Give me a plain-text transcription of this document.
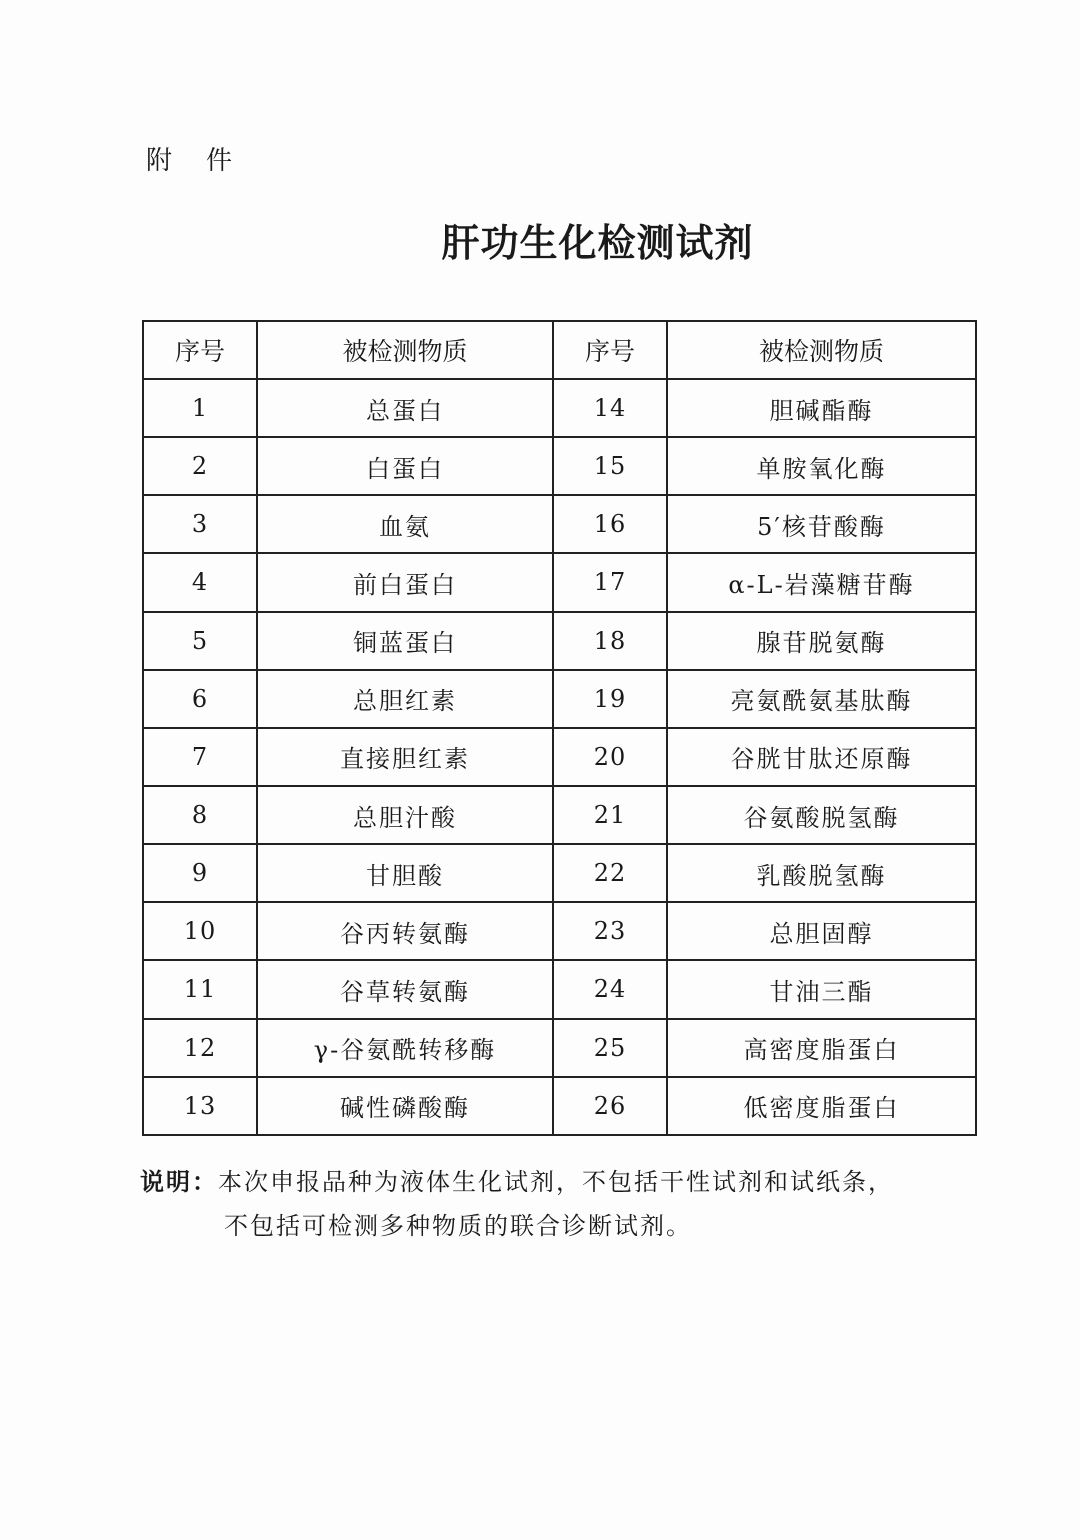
附 件
肝功生化检测试剂
序号	被检测物质	序号	被检测物质
1	总蛋白	14	胆碱酯酶
2	白蛋白	15	单胺氧化酶
3	血氨	16	5′核苷酸酶
4	前白蛋白	17	α-L-岩藻糖苷酶
5	铜蓝蛋白	18	腺苷脱氨酶
6	总胆红素	19	亮氨酰氨基肽酶
7	直接胆红素	20	谷胱甘肽还原酶
8	总胆汁酸	21	谷氨酸脱氢酶
9	甘胆酸	22	乳酸脱氢酶
10	谷丙转氨酶	23	总胆固醇
11	谷草转氨酶	24	甘油三酯
12	γ-谷氨酰转移酶	25	高密度脂蛋白
13	碱性磷酸酶	26	低密度脂蛋白
说明：本次申报品种为液体生化试剂，不包括干性试剂和试纸条，
不包括可检测多种物质的联合诊断试剂。
